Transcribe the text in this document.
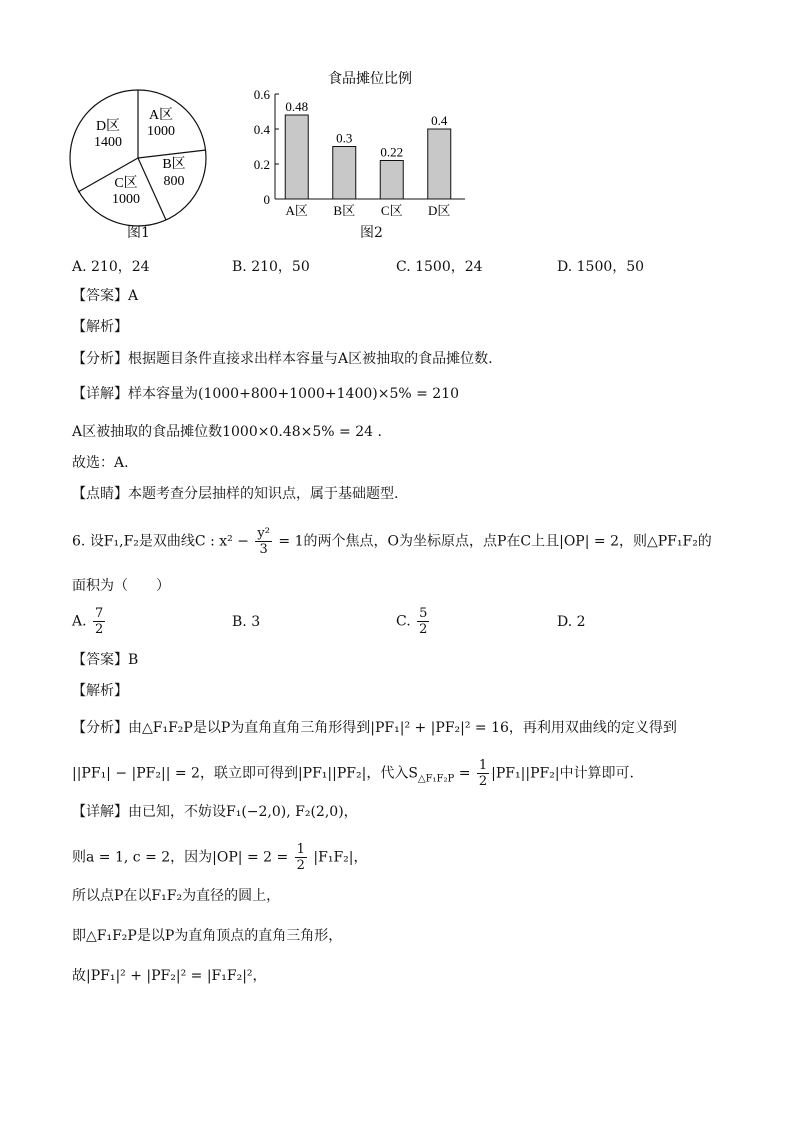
A区
1000
B区
800
C区
1000
D区
1400
图1
食品摊位比例
0
0.2
0.4
0.6
0.48
A区
0.3
B区
0.22
C区
0.4
D区
图2
A. 210，24	B. 210，50	C. 1500，24	D. 1500，50
【答案】A
【解析】
【分析】根据题目条件直接求出样本容量与A区被抽取的食品摊位数.
【详解】样本容量为(1000+800+1000+1400)×5% = 210
A区被抽取的食品摊位数1000×0.48×5% = 24 .
故选：A.
【点睛】本题考查分层抽样的知识点，属于基础题型.
6. 设F₁,F₂是双曲线C : $x^2 - \frac{\text{y²}}{3} = 1$的两个焦点，O为坐标原点，点P在C上且|OP| = 2，则△PF₁F₂的
面积为（　　）
A. $\frac{7}{2}$	B. 3	C. $\frac{5}{2}$	D. 2
【答案】B
【解析】
【分析】由△F₁F₂P是以P为直角直角三角形得到|PF₁|² + |PF₂|² = 16，再利用双曲线的定义得到
||PF₁| − |PF₂|| = 2，联立即可得到|PF₁||PF₂|，代入$S_{\triangle F_1F_2P} = \frac{1}{2} |PF_1||PF_2|$中计算即可.
【详解】由已知，不妨设F₁(−2,0), F₂(2,0)，
则a = 1, c = 2，因为$|OP| = 2 = \frac{1}{2} |F_1F_2|$，
所以点P在以F₁F₂为直径的圆上，
即△F₁F₂P是以P为直角顶点的直角三角形，
故|PF₁|² + |PF₂|² = |F₁F₂|²，
